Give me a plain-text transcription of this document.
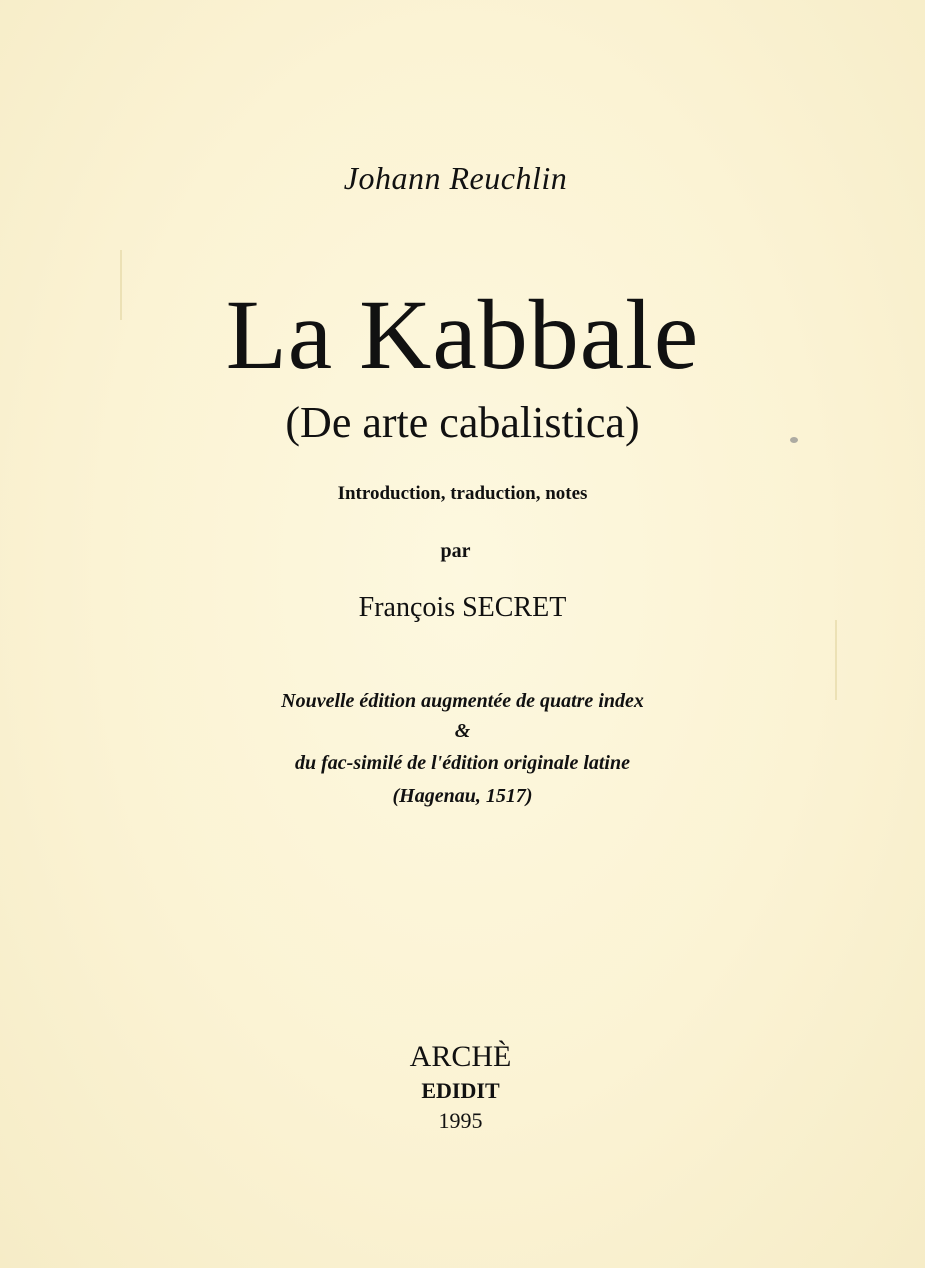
Johann Reuchlin
La Kabbale
(De arte cabalistica)
Introduction, traduction, notes
par
François SECRET
Nouvelle édition augmentée de quatre index
&
du fac-similé de l'édition originale latine
(Hagenau, 1517)
ARCHÈ
EDIDIT
1995
